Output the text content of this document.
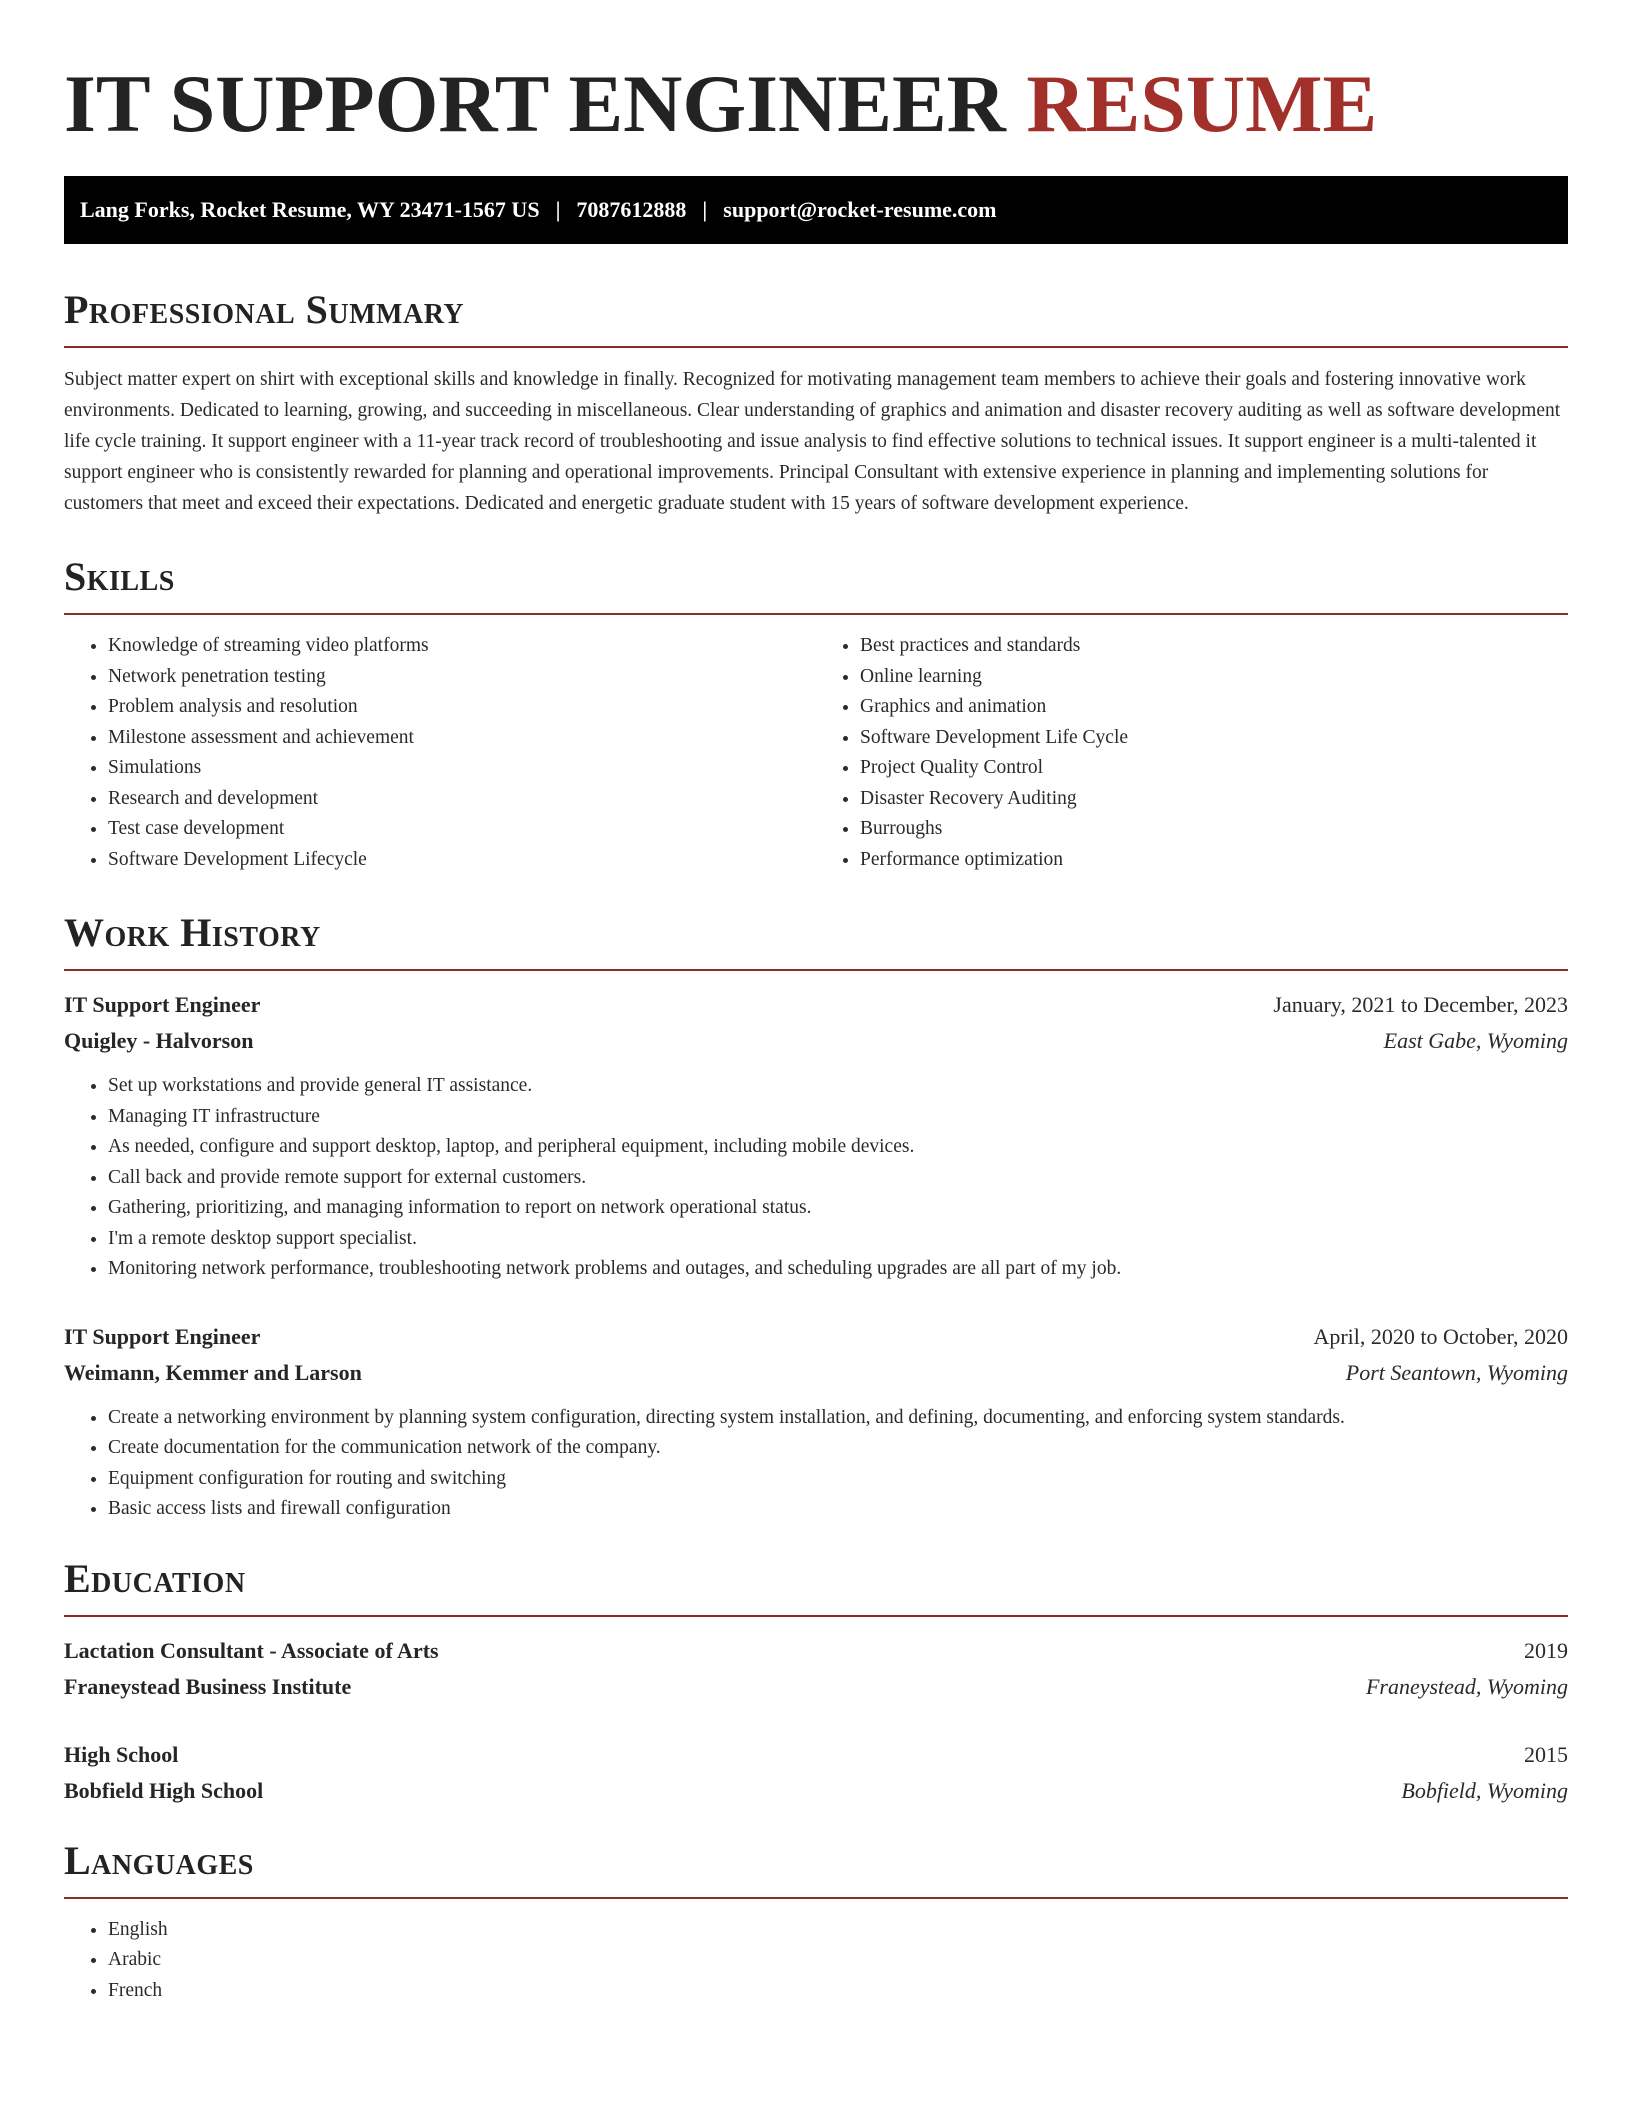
IT SUPPORT ENGINEER RESUME
Lang Forks, Rocket Resume, WY 23471-1567 US | 7087612888 | support@rocket-resume.com
Professional Summary

Subject matter expert on shirt with exceptional skills and knowledge in finally. Recognized for motivating management team members to achieve their goals and fostering innovative work environments. Dedicated to learning, growing, and succeeding in miscellaneous. Clear understanding of graphics and animation and disaster recovery auditing as well as software development life cycle training. It support engineer with a 11-year track record of troubleshooting and issue analysis to find effective solutions to technical issues. It support engineer is a multi-talented it support engineer who is consistently rewarded for planning and operational improvements. Principal Consultant with extensive experience in planning and implementing solutions for customers that meet and exceed their expectations. Dedicated and energetic graduate student with 15 years of software development experience.

Skills
• Knowledge of streaming video platforms
• Network penetration testing
• Problem analysis and resolution
• Milestone assessment and achievement
• Simulations
• Research and development
• Test case development
• Software Development Lifecycle
• Best practices and standards
• Online learning
• Graphics and animation
• Software Development Life Cycle
• Project Quality Control
• Disaster Recovery Auditing
• Burroughs
• Performance optimization
Work History
IT Support Engineer	January, 2021 to December, 2023
Quigley - Halvorson	East Gabe, Wyoming
• Set up workstations and provide general IT assistance.
• Managing IT infrastructure
• As needed, configure and support desktop, laptop, and peripheral equipment, including mobile devices.
• Call back and provide remote support for external customers.
• Gathering, prioritizing, and managing information to report on network operational status.
• I'm a remote desktop support specialist.
• Monitoring network performance, troubleshooting network problems and outages, and scheduling upgrades are all part of my job.
IT Support Engineer	April, 2020 to October, 2020
Weimann, Kemmer and Larson	Port Seantown, Wyoming
• Create a networking environment by planning system configuration, directing system installation, and defining, documenting, and enforcing system standards.
• Create documentation for the communication network of the company.
• Equipment configuration for routing and switching
• Basic access lists and firewall configuration
Education
Lactation Consultant - Associate of Arts	2019
Franeystead Business Institute	Franeystead, Wyoming
High School	2015
Bobfield High School	Bobfield, Wyoming
Languages
• English
• Arabic
• French
